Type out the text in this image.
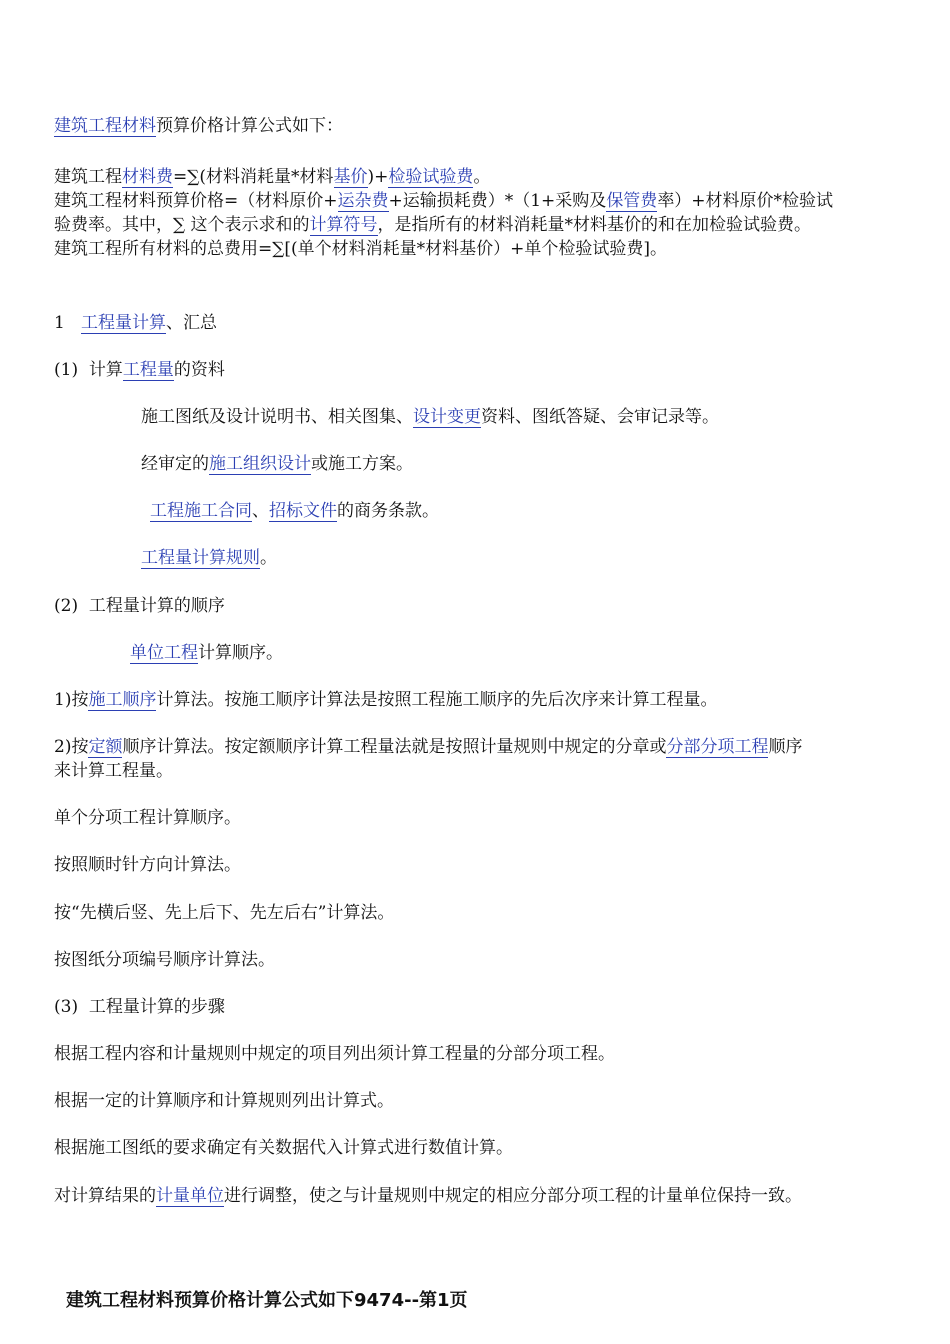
建筑工程材料预算价格计算公式如下：
建筑工程材料费=∑(材料消耗量*材料基价)+检验试验费。
建筑工程材料预算价格=（材料原价+运杂费+运输损耗费）*（1+采购及保管费率）+材料原价*检验试
验费率。其中，∑ 这个表示求和的计算符号，是指所有的材料消耗量*材料基价的和在加检验试验费。
建筑工程所有材料的总费用=∑[(单个材料消耗量*材料基价）+单个检验试验费]。
1 工程量计算、汇总
(1) 计算工程量的资料
施工图纸及设计说明书、相关图集、设计变更资料、图纸答疑、会审记录等。
经审定的施工组织设计或施工方案。
工程施工合同、招标文件的商务条款。
工程量计算规则。
(2) 工程量计算的顺序
单位工程计算顺序。
1)按施工顺序计算法。按施工顺序计算法是按照工程施工顺序的先后次序来计算工程量。
2)按定额顺序计算法。按定额顺序计算工程量法就是按照计量规则中规定的分章或分部分项工程顺序
来计算工程量。
单个分项工程计算顺序。
按照顺时针方向计算法。
按“先横后竖、先上后下、先左后右”计算法。
按图纸分项编号顺序计算法。
(3) 工程量计算的步骤
根据工程内容和计量规则中规定的项目列出须计算工程量的分部分项工程。
根据一定的计算顺序和计算规则列出计算式。
根据施工图纸的要求确定有关数据代入计算式进行数值计算。
对计算结果的计量单位进行调整，使之与计量规则中规定的相应分部分项工程的计量单位保持一致。
建筑工程材料预算价格计算公式如下9474--第1页
